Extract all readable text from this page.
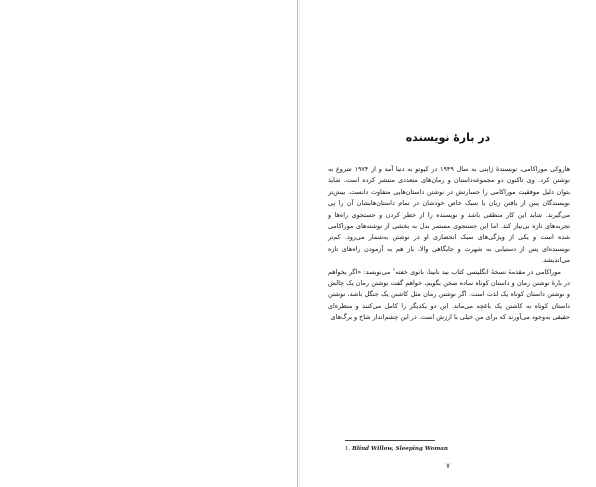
در بارهٔ نویسنده

هاروکی موراکامی، نویسندهٔ ژاپنی به سال ۱۹۴۹ در کیوتو به دنیا آمد و از ۱۹۷۴ شروع به نوشتن کرد. وی تاکنون دو مجموعه‌داستان و رمان‌های متعددی منتشر کرده است. شاید بتوان دلیل موفقیت موراکامی را جسارتش در نوشتن داستان‌هایی متفاوت دانست. بیش‌تر نویسندگان پس از یافتن زبان یا سبک خاص خودشان در تمام داستان‌هایشان آن را پی می‌گیرند. شاید این کار منطقی باشد و نویسنده را از خطر کردن و جستجوی راه‌ها و تجربه‌های تازه بی‌نیاز کند. اما این جستجوی مستمر بدل به بخشی از نوشته‌های موراکامی شده است و یکی از ویژگی‌های سبک انحصاری او در نوشتن به‌شمار می‌رود. کم‌تر نویسنده‌ای پس از دستیابی به شهرت و جایگاهی والا، باز هم به آزمودن راه‌های تازه می‌اندیشد.

موراکامی در مقدمهٔ نسخهٔ انگلیسی کتاب بید نابینا، بانوی خفته$^۱$ می‌نویسد: «اگر بخواهم در بارهٔ نوشتن رمان و داستان کوتاه ساده سخن بگویم، خواهم گفت نوشتن رمان یک چالش و نوشتن داستان کوتاه یک لذت است. اگر نوشتن رمان مثل کاشتن یک جنگل باشد، نوشتن داستان کوتاه به کاشتن یک باغچه می‌ماند. این دو یکدیگر را کامل می‌کنند و منظره‌ای حقیقی به‌وجود می‌آورند که برای من خیلی با ارزش است. در این چشم‌انداز شاخ و برگ‌های

1. Blind Willow, Sleeping Woman
۷
